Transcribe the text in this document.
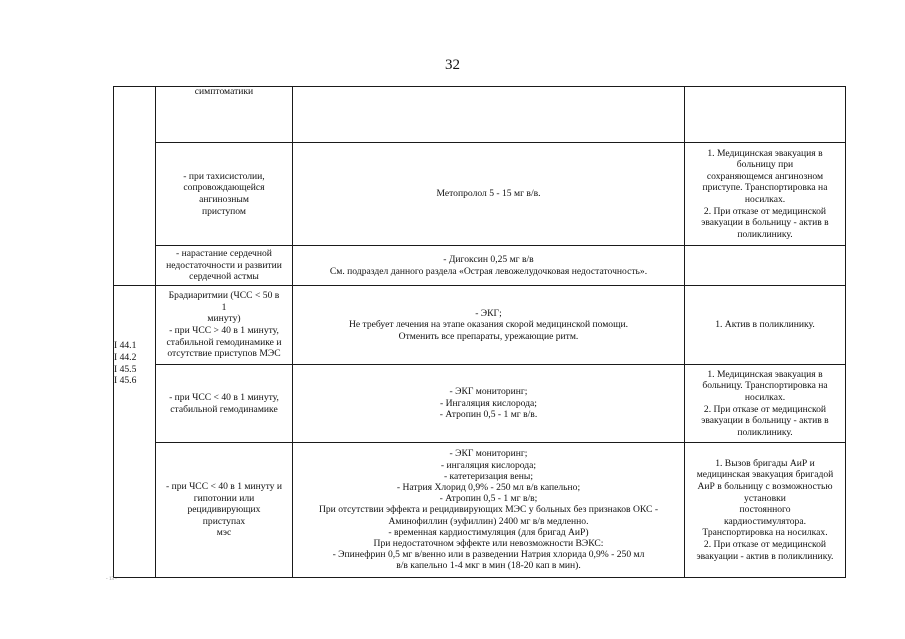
32
симптоматики
- при тахисистолии,
сопровождающейся
ангинозным
приступом
Метопролол 5 - 15 мг в/в.
1. Медицинская эвакуация в
больницу при
сохраняющемся ангинозном
приступе. Транспортировка на
носилках.
2. При отказе от медицинской
эвакуации в больницу - актив в
поликлинику.
- нарастание сердечной
недостаточности и развитии
сердечной астмы
- Дигоксин 0,25 мг в/в
См. подраздел данного раздела «Острая левожелудочковая недостаточность».
Брадиаритмии (ЧСС < 50 в
1
минуту)
- при ЧСС > 40 в 1 минуту,
стабильной гемодинамике и
отсутствие приступов МЭС
- ЭКГ;
Не требует лечения на этапе оказания скорой медицинской помощи.
Отменить все препараты, урежающие ритм.
1. Актив в поликлинику.
- при ЧСС < 40 в 1 минуту,
стабильной гемодинамике
- ЭКГ мониторинг;
- Ингаляция кислорода;
- Атропин 0,5 - 1 мг в/в.
1. Медицинская эвакуация в
больницу. Транспортировка на
носилках.
2. При отказе от медицинской
эвакуации в больницу - актив в
поликлинику.
- при ЧСС < 40 в 1 минуту и
гипотонии или
рецидивирующих
приступах
мэс
- ЭКГ мониторинг;
- ингаляция кислорода;
- катетеризация вены;
- Натрия Хлорид 0,9% - 250 мл в/в капельно;
- Атропин 0,5 - 1 мг в/в;
При отсутствии эффекта и рецидивирующих МЭС у больных без признаков ОКС -
Аминофиллин (эуфиллин) 2400 мг в/в медленно.
- временная кардиостимуляция (для бригад АиР)
При недостаточном эффекте или невозможности ВЭКС:
- Эпинефрин 0,5 мг в/венно или в разведении Натрия хлорида 0,9% - 250 мл
в/в капельно 1-4 мкг в мин (18-20 кап в мин).
1. Вызов бригады АиР и
медицинская эвакуация бригадой
АиР в больницу с возможностью
установки
постоянного
кардиостимулятора.
Транспортировка на носилках.
2. При отказе от медицинской
эвакуации - актив в поликлинику.
I 44.1
I 44.2
I 45.5
I 45.6
- 13 -
